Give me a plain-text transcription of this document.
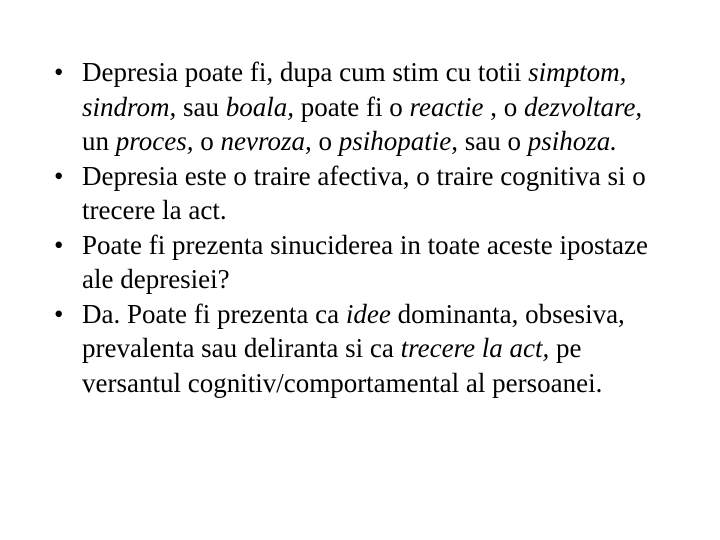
• Depresia poate fi, dupa cum stim cu totii simptom, sindrom, sau boala, poate fi o reactie , o dezvoltare, un proces, o nevroza, o psihopatie, sau o psihoza.
• Depresia este o traire afectiva, o traire cognitiva si o trecere la act.
• Poate fi prezenta sinuciderea in toate aceste ipostaze ale depresiei?
• Da. Poate fi prezenta ca idee dominanta, obsesiva, prevalenta sau deliranta si ca trecere la act, pe versantul cognitiv/comportamental al persoanei.
